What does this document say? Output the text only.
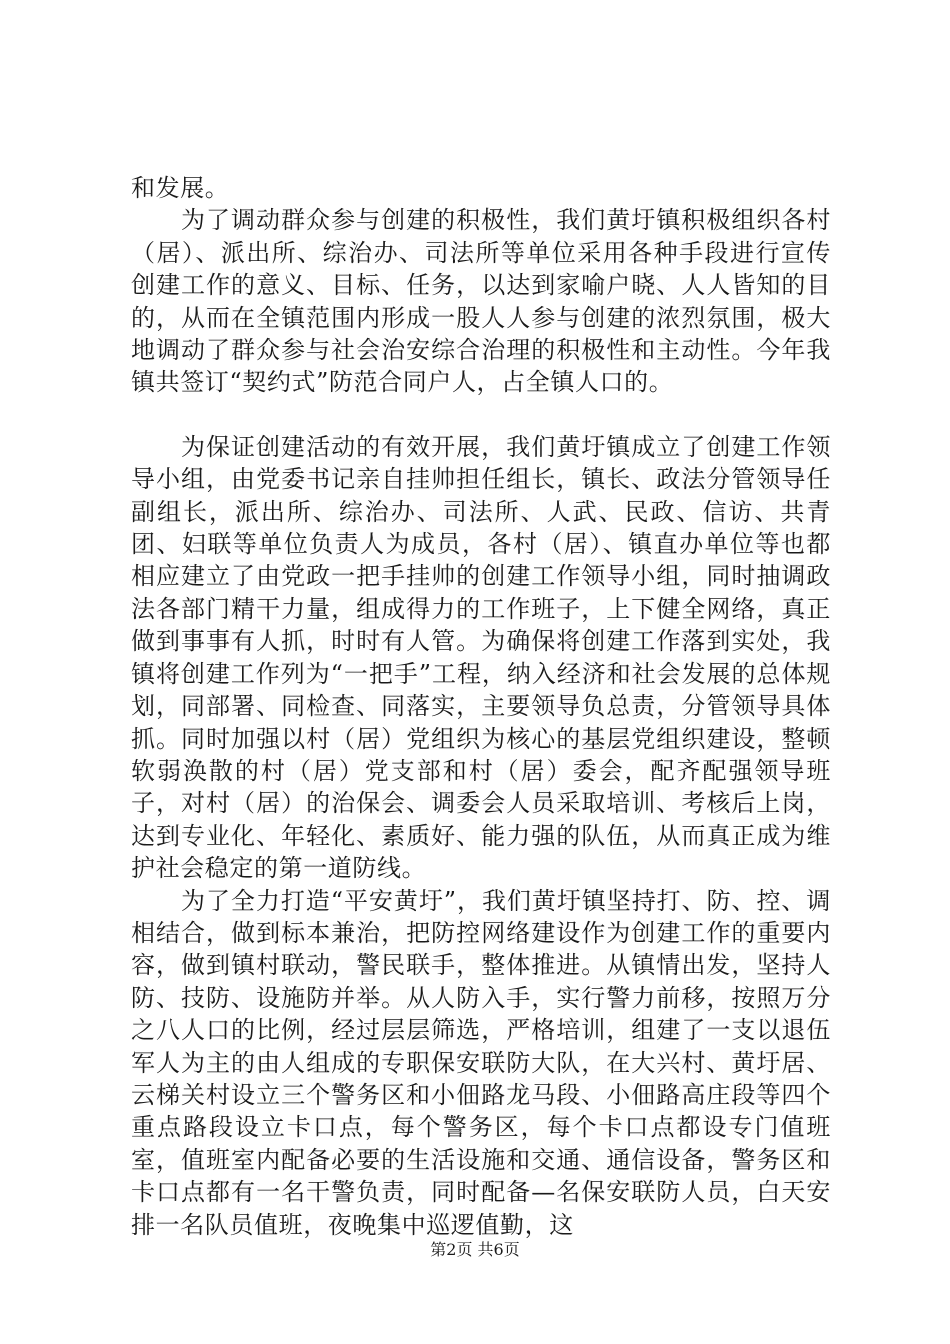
和发展。

为了调动群众参与创建的积极性，我们黄圩镇积极组织各村（居）、派出所、综治办、司法所等单位采用各种手段进行宣传创建工作的意义、目标、任务，以达到家喻户晓、人人皆知的目的，从而在全镇范围内形成一股人人参与创建的浓烈氛围，极大地调动了群众参与社会治安综合治理的积极性和主动性。今年我镇共签订“契约式”防范合同户人，占全镇人口的。

为保证创建活动的有效开展，我们黄圩镇成立了创建工作领导小组，由党委书记亲自挂帅担任组长，镇长、政法分管领导任副组长，派出所、综治办、司法所、人武、民政、信访、共青团、妇联等单位负责人为成员，各村（居）、镇直办单位等也都相应建立了由党政一把手挂帅的创建工作领导小组，同时抽调政法各部门精干力量，组成得力的工作班子，上下健全网络，真正做到事事有人抓，时时有人管。为确保将创建工作落到实处，我镇将创建工作列为“一把手”工程，纳入经济和社会发展的总体规划，同部署、同检查、同落实，主要领导负总责，分管领导具体抓。同时加强以村（居）党组织为核心的基层党组织建设，整顿软弱涣散的村（居）党支部和村（居）委会，配齐配强领导班子，对村（居）的治保会、调委会人员采取培训、考核后上岗，达到专业化、年轻化、素质好、能力强的队伍，从而真正成为维护社会稳定的第一道防线。

为了全力打造“平安黄圩”，我们黄圩镇坚持打、防、控、调相结合，做到标本兼治，把防控网络建设作为创建工作的重要内容，做到镇村联动，警民联手，整体推进。从镇情出发，坚持人防、技防、设施防并举。从人防入手，实行警力前移，按照万分之八人口的比例，经过层层筛选，严格培训，组建了一支以退伍军人为主的由人组成的专职保安联防大队，在大兴村、黄圩居、云梯关村设立三个警务区和小佃路龙马段、小佃路高庄段等四个重点路段设立卡口点，每个警务区，每个卡口点都设专门值班室，值班室内配备必要的生活设施和交通、通信设备，警务区和卡口点都有一名干警负责，同时配备—名保安联防人员，白天安排一名队员值班，夜晚集中巡逻值勤，这

第2页 共6页
